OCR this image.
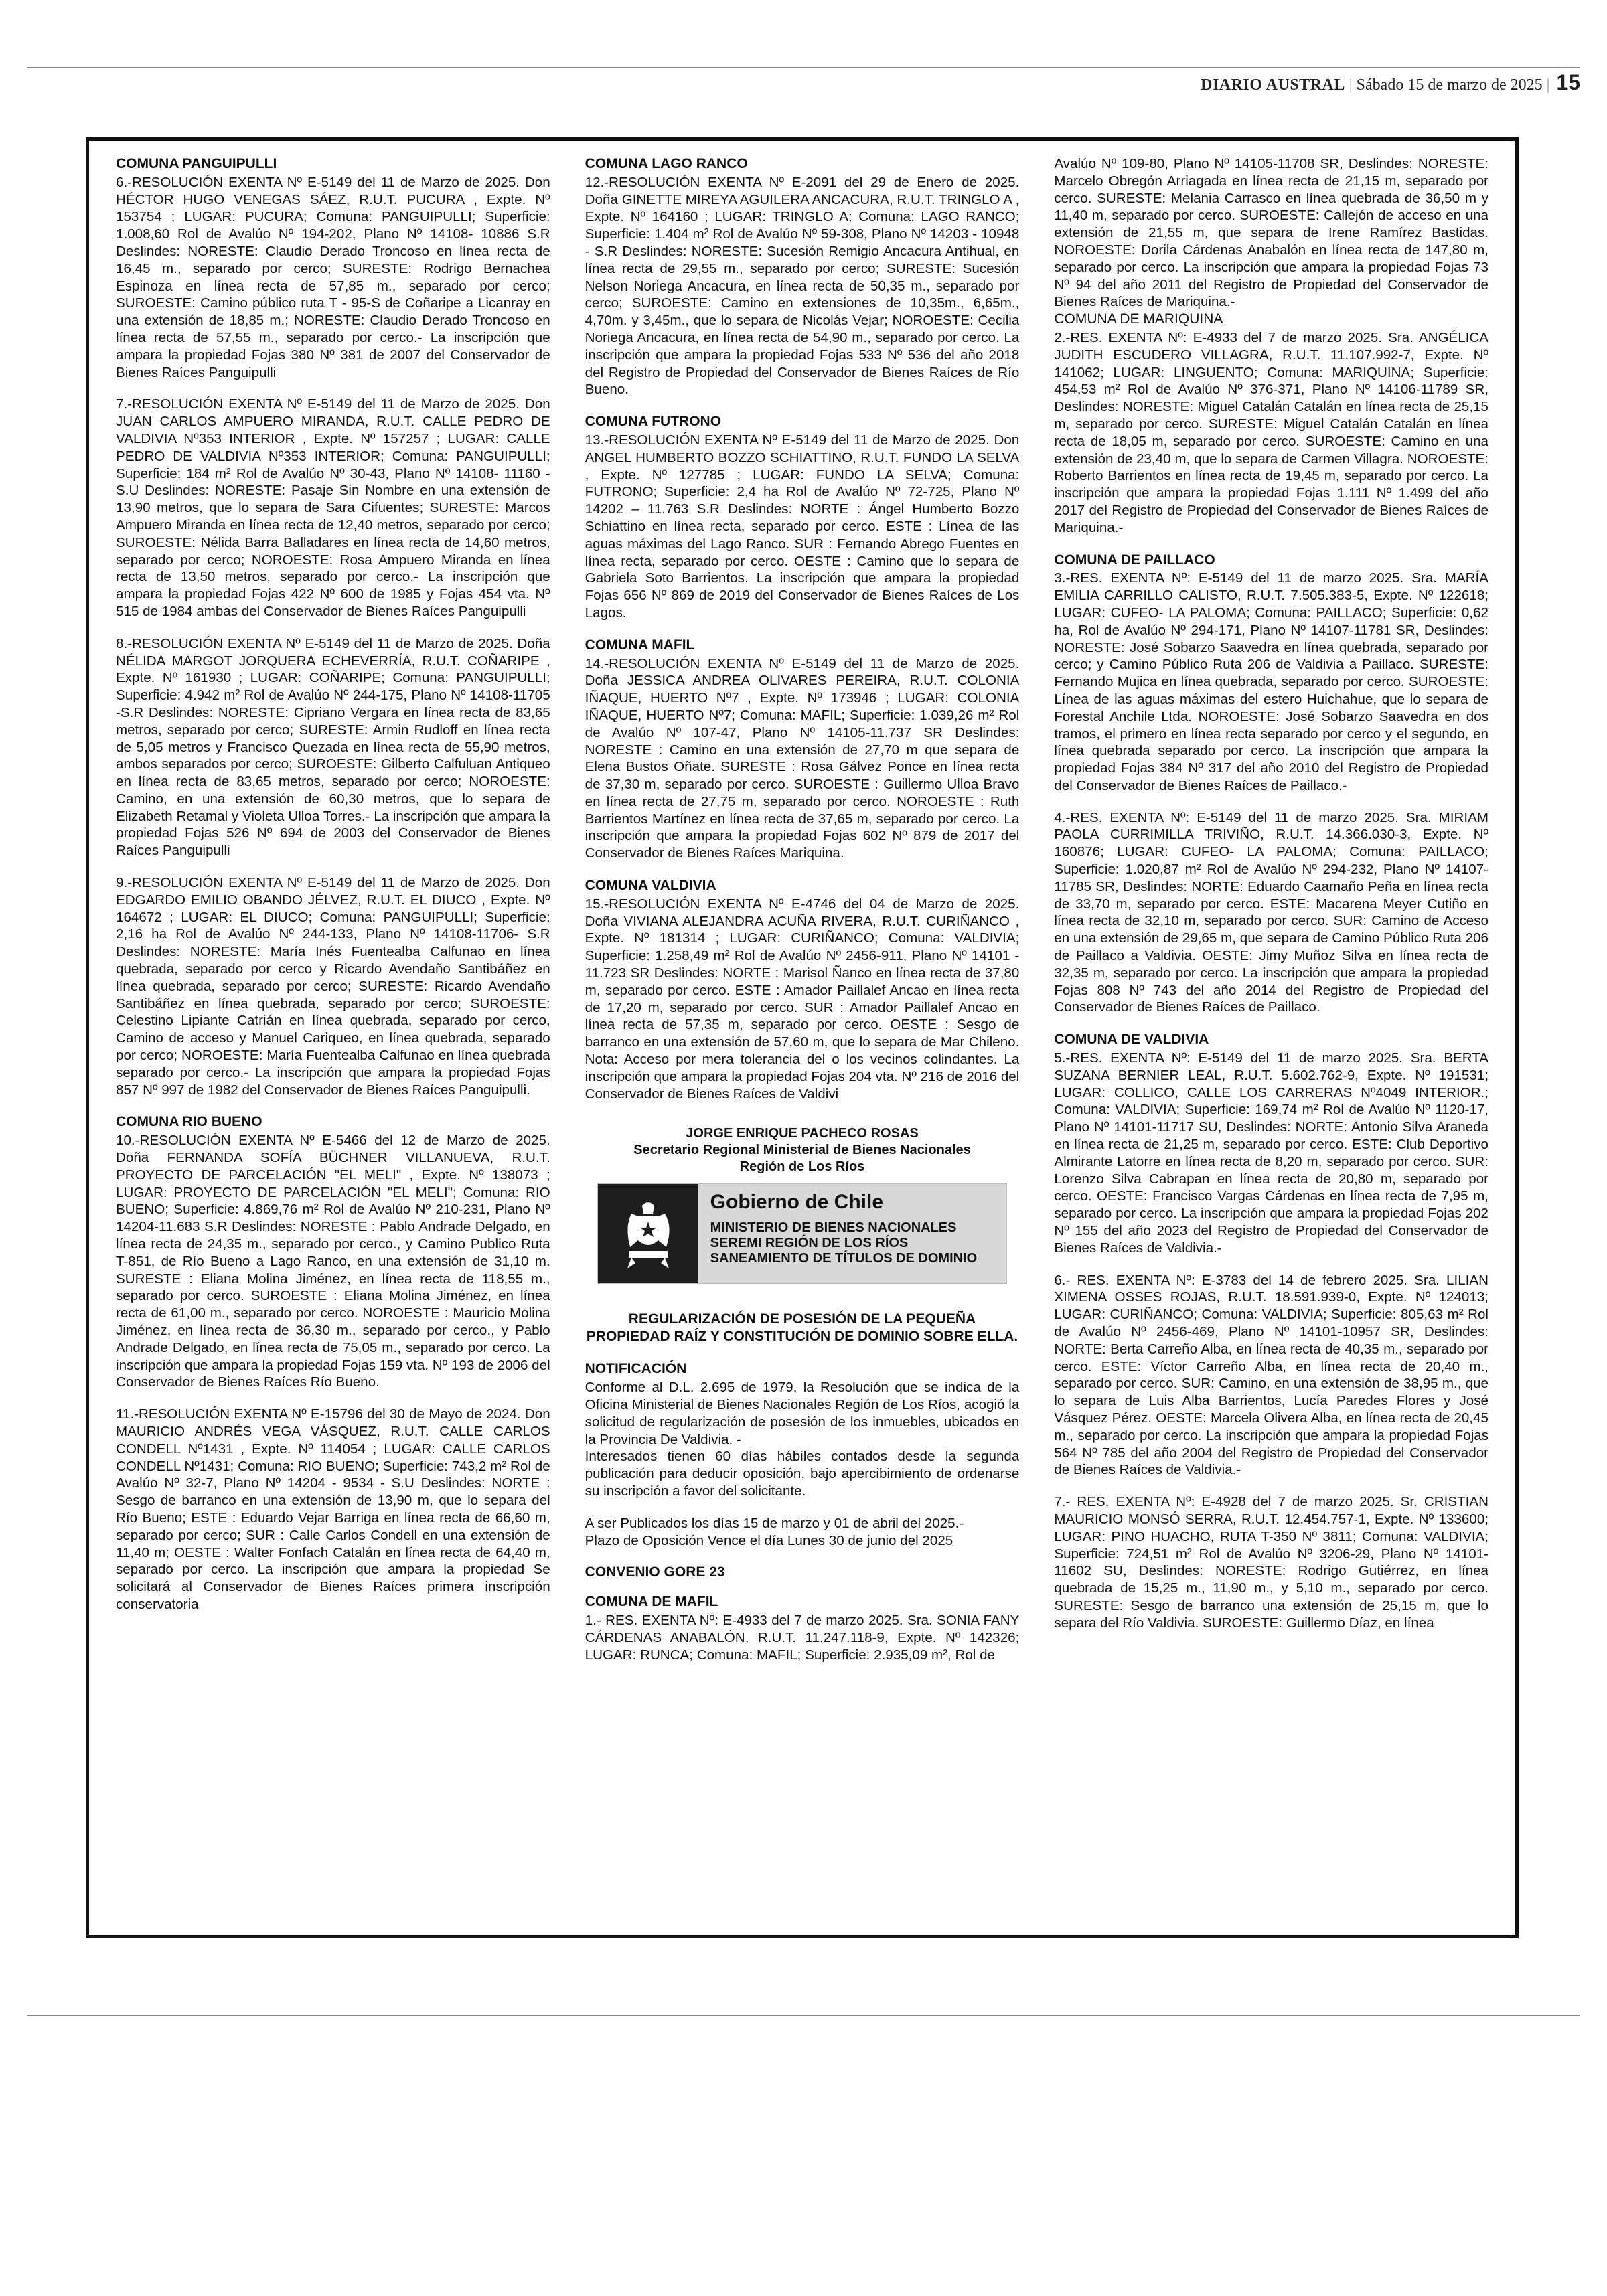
DIARIO AUSTRAL | Sábado 15 de marzo de 2025 | 15
COMUNA PANGUIPULLI

6.-RESOLUCIÓN EXENTA Nº E-5149 del 11 de Marzo de 2025. Don HÉCTOR HUGO VENEGAS SÁEZ, R.U.T. PUCURA , Expte. Nº 153754 ; LUGAR: PUCURA; Comuna: PANGUIPULLI; Superficie: 1.008,60 Rol de Avalúo Nº 194-202, Plano Nº 14108- 10886 S.R Deslindes: NORESTE: Claudio Derado Troncoso en línea recta de 16,45 m., separado por cerco; SURESTE: Rodrigo Bernachea Espinoza en línea recta de 57,85 m., separado por cerco; SUROESTE: Camino público ruta T - 95-S de Coñaripe a Licanray en una extensión de 18,85 m.; NORESTE: Claudio Derado Troncoso en línea recta de 57,55 m., separado por cerco.- La inscripción que ampara la propiedad Fojas 380 Nº 381 de 2007 del Conservador de Bienes Raíces Panguipulli

7.-RESOLUCIÓN EXENTA Nº E-5149 del 11 de Marzo de 2025. Don JUAN CARLOS AMPUERO MIRANDA, R.U.T. CALLE PEDRO DE VALDIVIA Nº353 INTERIOR , Expte. Nº 157257 ; LUGAR: CALLE PEDRO DE VALDIVIA Nº353 INTERIOR; Comuna: PANGUIPULLI; Superficie: 184 m² Rol de Avalúo Nº 30-43, Plano Nº 14108- 11160 -S.U Deslindes: NORESTE: Pasaje Sin Nombre en una extensión de 13,90 metros, que lo separa de Sara Cifuentes; SURESTE: Marcos Ampuero Miranda en línea recta de 12,40 metros, separado por cerco; SUROESTE: Nélida Barra Balladares en línea recta de 14,60 metros, separado por cerco; NOROESTE: Rosa Ampuero Miranda en línea recta de 13,50 metros, separado por cerco.- La inscripción que ampara la propiedad Fojas 422 Nº 600 de 1985 y Fojas 454 vta. Nº 515 de 1984 ambas del Conservador de Bienes Raíces Panguipulli

8.-RESOLUCIÓN EXENTA Nº E-5149 del 11 de Marzo de 2025. Doña NÉLIDA MARGOT JORQUERA ECHEVERRÍA, R.U.T. COÑARIPE , Expte. Nº 161930 ; LUGAR: COÑARIPE; Comuna: PANGUIPULLI; Superficie: 4.942 m² Rol de Avalúo Nº 244-175, Plano Nº 14108-11705 -S.R Deslindes: NORESTE: Cipriano Vergara en línea recta de 83,65 metros, separado por cerco; SURESTE: Armin Rudloff en línea recta de 5,05 metros y Francisco Quezada en línea recta de 55,90 metros, ambos separados por cerco; SUROESTE: Gilberto Calfuluan Antiqueo en línea recta de 83,65 metros, separado por cerco; NOROESTE: Camino, en una extensión de 60,30 metros, que lo separa de Elizabeth Retamal y Violeta Ulloa Torres.- La inscripción que ampara la propiedad Fojas 526 Nº 694 de 2003 del Conservador de Bienes Raíces Panguipulli

9.-RESOLUCIÓN EXENTA Nº E-5149 del 11 de Marzo de 2025. Don EDGARDO EMILIO OBANDO JÉLVEZ, R.U.T. EL DIUCO , Expte. Nº 164672 ; LUGAR: EL DIUCO; Comuna: PANGUIPULLI; Superficie: 2,16 ha Rol de Avalúo Nº 244-133, Plano Nº 14108-11706- S.R Deslindes: NORESTE: María Inés Fuentealba Calfunao en línea quebrada, separado por cerco y Ricardo Avendaño Santibáñez en línea quebrada, separado por cerco; SURESTE: Ricardo Avendaño Santibáñez en línea quebrada, separado por cerco; SUROESTE: Celestino Lipiante Catrián en línea quebrada, separado por cerco, Camino de acceso y Manuel Cariqueo, en línea quebrada, separado por cerco; NOROESTE: María Fuentealba Calfunao en línea quebrada separado por cerco.- La inscripción que ampara la propiedad Fojas 857 Nº 997 de 1982 del Conservador de Bienes Raíces Panguipulli.

COMUNA RIO BUENO

10.-RESOLUCIÓN EXENTA Nº E-5466 del 12 de Marzo de 2025. Doña FERNANDA SOFÍA BÜCHNER VILLANUEVA, R.U.T. PROYECTO DE PARCELACIÓN "EL MELI" , Expte. Nº 138073 ; LUGAR: PROYECTO DE PARCELACIÓN "EL MELI"; Comuna: RIO BUENO; Superficie: 4.869,76 m² Rol de Avalúo Nº 210-231, Plano Nº 14204-11.683 S.R Deslindes: NORESTE : Pablo Andrade Delgado, en línea recta de 24,35 m., separado por cerco., y Camino Publico Ruta T-851, de Río Bueno a Lago Ranco, en una extensión de 31,10 m. SURESTE : Eliana Molina Jiménez, en línea recta de 118,55 m., separado por cerco. SUROESTE : Eliana Molina Jiménez, en línea recta de 61,00 m., separado por cerco. NOROESTE : Mauricio Molina Jiménez, en línea recta de 36,30 m., separado por cerco., y Pablo Andrade Delgado, en línea recta de 75,05 m., separado por cerco. La inscripción que ampara la propiedad Fojas 159 vta. Nº 193 de 2006 del Conservador de Bienes Raíces Río Bueno.

11.-RESOLUCIÓN EXENTA Nº E-15796 del 30 de Mayo de 2024. Don MAURICIO ANDRÉS VEGA VÁSQUEZ, R.U.T. CALLE CARLOS CONDELL Nº1431 , Expte. Nº 114054 ; LUGAR: CALLE CARLOS CONDELL Nº1431; Comuna: RIO BUENO; Superficie: 743,2 m² Rol de Avalúo Nº 32-7, Plano Nº 14204 - 9534 - S.U Deslindes: NORTE : Sesgo de barranco en una extensión de 13,90 m, que lo separa del Río Bueno; ESTE : Eduardo Vejar Barriga en línea recta de 66,60 m, separado por cerco; SUR : Calle Carlos Condell en una extensión de 11,40 m; OESTE : Walter Fonfach Catalán en línea recta de 64,40 m, separado por cerco. La inscripción que ampara la propiedad Se solicitará al Conservador de Bienes Raíces primera inscripción conservatoria

COMUNA LAGO RANCO

12.-RESOLUCIÓN EXENTA Nº E-2091 del 29 de Enero de 2025. Doña GINETTE MIREYA AGUILERA ANCACURA, R.U.T. TRINGLO A , Expte. Nº 164160 ; LUGAR: TRINGLO A; Comuna: LAGO RANCO; Superficie: 1.404 m² Rol de Avalúo Nº 59-308, Plano Nº 14203 - 10948 - S.R Deslindes: NORESTE: Sucesión Remigio Ancacura Antihual, en línea recta de 29,55 m., separado por cerco; SURESTE: Sucesión Nelson Noriega Ancacura, en línea recta de 50,35 m., separado por cerco; SUROESTE: Camino en extensiones de 10,35m., 6,65m., 4,70m. y 3,45m., que lo separa de Nicolás Vejar; NOROESTE: Cecilia Noriega Ancacura, en línea recta de 54,90 m., separado por cerco. La inscripción que ampara la propiedad Fojas 533 Nº 536 del año 2018 del Registro de Propiedad del Conservador de Bienes Raíces de Río Bueno.

COMUNA FUTRONO

13.-RESOLUCIÓN EXENTA Nº E-5149 del 11 de Marzo de 2025. Don ANGEL HUMBERTO BOZZO SCHIATTINO, R.U.T. FUNDO LA SELVA , Expte. Nº 127785 ; LUGAR: FUNDO LA SELVA; Comuna: FUTRONO; Superficie: 2,4 ha Rol de Avalúo Nº 72-725, Plano Nº 14202 – 11.763 S.R Deslindes: NORTE : Ángel Humberto Bozzo Schiattino en línea recta, separado por cerco. ESTE : Línea de las aguas máximas del Lago Ranco. SUR : Fernando Abrego Fuentes en línea recta, separado por cerco. OESTE : Camino que lo separa de Gabriela Soto Barrientos. La inscripción que ampara la propiedad Fojas 656 Nº 869 de 2019 del Conservador de Bienes Raíces de Los Lagos.

COMUNA MAFIL

14.-RESOLUCIÓN EXENTA Nº E-5149 del 11 de Marzo de 2025. Doña JESSICA ANDREA OLIVARES PEREIRA, R.U.T. COLONIA IÑAQUE, HUERTO Nº7 , Expte. Nº 173946 ; LUGAR: COLONIA IÑAQUE, HUERTO Nº7; Comuna: MAFIL; Superficie: 1.039,26 m² Rol de Avalúo Nº 107-47, Plano Nº 14105-11.737 SR Deslindes: NORESTE : Camino en una extensión de 27,70 m que separa de Elena Bustos Oñate. SURESTE : Rosa Gálvez Ponce en línea recta de 37,30 m, separado por cerco. SUROESTE : Guillermo Ulloa Bravo en línea recta de 27,75 m, separado por cerco. NOROESTE : Ruth Barrientos Martínez en línea recta de 37,65 m, separado por cerco. La inscripción que ampara la propiedad Fojas 602 Nº 879 de 2017 del Conservador de Bienes Raíces Mariquina.

COMUNA VALDIVIA

15.-RESOLUCIÓN EXENTA Nº E-4746 del 04 de Marzo de 2025. Doña VIVIANA ALEJANDRA ACUÑA RIVERA, R.U.T. CURIÑANCO , Expte. Nº 181314 ; LUGAR: CURIÑANCO; Comuna: VALDIVIA; Superficie: 1.258,49 m² Rol de Avalúo Nº 2456-911, Plano Nº 14101 - 11.723 SR Deslindes: NORTE : Marisol Ñanco en línea recta de 37,80 m, separado por cerco. ESTE : Amador Paillalef Ancao en línea recta de 17,20 m, separado por cerco. SUR : Amador Paillalef Ancao en línea recta de 57,35 m, separado por cerco. OESTE : Sesgo de barranco en una extensión de 57,60 m, que lo separa de Mar Chileno. Nota: Acceso por mera tolerancia del o los vecinos colindantes. La inscripción que ampara la propiedad Fojas 204 vta. Nº 216 de 2016 del Conservador de Bienes Raíces de Valdivi

JORGE ENRIQUE PACHECO ROSAS
Secretario Regional Ministerial de Bienes Nacionales
Región de Los Ríos
Gobierno de Chile
MINISTERIO DE BIENES NACIONALES
SEREMI REGIÓN DE LOS RÍOS
SANEAMIENTO DE TÍTULOS DE DOMINIO
REGULARIZACIÓN DE POSESIÓN DE LA PEQUEÑA
PROPIEDAD RAÍZ Y CONSTITUCIÓN DE DOMINIO SOBRE ELLA.
NOTIFICACIÓN

Conforme al D.L. 2.695 de 1979, la Resolución que se indica de la Oficina Ministerial de Bienes Nacionales Región de Los Ríos, acogió la solicitud de regularización de posesión de los inmuebles, ubicados en la Provincia De Valdivia. -

Interesados tienen 60 días hábiles contados desde la segunda publicación para deducir oposición, bajo apercibimiento de ordenarse su inscripción a favor del solicitante.

A ser Publicados los días 15 de marzo y 01 de abril del 2025.-

Plazo de Oposición Vence el día Lunes 30 de junio del 2025

CONVENIO GORE 23
COMUNA DE MAFIL

1.- RES. EXENTA Nº: E-4933 del 7 de marzo 2025. Sra. SONIA FANY CÁRDENAS ANABALÓN, R.U.T. 11.247.118-9, Expte. Nº 142326; LUGAR: RUNCA; Comuna: MAFIL; Superficie: 2.935,09 m², Rol de

Avalúo Nº 109-80, Plano Nº 14105-11708 SR, Deslindes: NORESTE: Marcelo Obregón Arriagada en línea recta de 21,15 m, separado por cerco. SURESTE: Melania Carrasco en línea quebrada de 36,50 m y 11,40 m, separado por cerco. SUROESTE: Callejón de acceso en una extensión de 21,55 m, que separa de Irene Ramírez Bastidas. NOROESTE: Dorila Cárdenas Anabalón en línea recta de 147,80 m, separado por cerco. La inscripción que ampara la propiedad Fojas 73 Nº 94 del año 2011 del Registro de Propiedad del Conservador de Bienes Raíces de Mariquina.-

COMUNA DE MARIQUINA

2.-RES. EXENTA Nº: E-4933 del 7 de marzo 2025. Sra. ANGÉLICA JUDITH ESCUDERO VILLAGRA, R.U.T. 11.107.992-7, Expte. Nº 141062; LUGAR: LINGUENTO; Comuna: MARIQUINA; Superficie: 454,53 m² Rol de Avalúo Nº 376-371, Plano Nº 14106-11789 SR, Deslindes: NORESTE: Miguel Catalán Catalán en línea recta de 25,15 m, separado por cerco. SURESTE: Miguel Catalán Catalán en línea recta de 18,05 m, separado por cerco. SUROESTE: Camino en una extensión de 23,40 m, que lo separa de Carmen Villagra. NOROESTE: Roberto Barrientos en línea recta de 19,45 m, separado por cerco. La inscripción que ampara la propiedad Fojas 1.111 Nº 1.499 del año 2017 del Registro de Propiedad del Conservador de Bienes Raíces de Mariquina.-

COMUNA DE PAILLACO

3.-RES. EXENTA Nº: E-5149 del 11 de marzo 2025. Sra. MARÍA EMILIA CARRILLO CALISTO, R.U.T. 7.505.383-5, Expte. Nº 122618; LUGAR: CUFEO- LA PALOMA; Comuna: PAILLACO; Superficie: 0,62 ha, Rol de Avalúo Nº 294-171, Plano Nº 14107-11781 SR, Deslindes: NORESTE: José Sobarzo Saavedra en línea quebrada, separado por cerco; y Camino Público Ruta 206 de Valdivia a Paillaco. SURESTE: Fernando Mujica en línea quebrada, separado por cerco. SUROESTE: Línea de las aguas máximas del estero Huichahue, que lo separa de Forestal Anchile Ltda. NOROESTE: José Sobarzo Saavedra en dos tramos, el primero en línea recta separado por cerco y el segundo, en línea quebrada separado por cerco. La inscripción que ampara la propiedad Fojas 384 Nº 317 del año 2010 del Registro de Propiedad del Conservador de Bienes Raíces de Paillaco.-

4.-RES. EXENTA Nº: E-5149 del 11 de marzo 2025. Sra. MIRIAM PAOLA CURRIMILLA TRIVIÑO, R.U.T. 14.366.030-3, Expte. Nº 160876; LUGAR: CUFEO- LA PALOMA; Comuna: PAILLACO; Superficie: 1.020,87 m² Rol de Avalúo Nº 294-232, Plano Nº 14107-11785 SR, Deslindes: NORTE: Eduardo Caamaño Peña en línea recta de 33,70 m, separado por cerco. ESTE: Macarena Meyer Cutiño en línea recta de 32,10 m, separado por cerco. SUR: Camino de Acceso en una extensión de 29,65 m, que separa de Camino Público Ruta 206 de Paillaco a Valdivia. OESTE: Jimy Muñoz Silva en línea recta de 32,35 m, separado por cerco. La inscripción que ampara la propiedad Fojas 808 Nº 743 del año 2014 del Registro de Propiedad del Conservador de Bienes Raíces de Paillaco.

COMUNA DE VALDIVIA

5.-RES. EXENTA Nº: E-5149 del 11 de marzo 2025. Sra. BERTA SUZANA BERNIER LEAL, R.U.T. 5.602.762-9, Expte. Nº 191531; LUGAR: COLLICO, CALLE LOS CARRERAS Nº4049 INTERIOR.; Comuna: VALDIVIA; Superficie: 169,74 m² Rol de Avalúo Nº 1120-17, Plano Nº 14101-11717 SU, Deslindes: NORTE: Antonio Silva Araneda en línea recta de 21,25 m, separado por cerco. ESTE: Club Deportivo Almirante Latorre en línea recta de 8,20 m, separado por cerco. SUR: Lorenzo Silva Cabrapan en línea recta de 20,80 m, separado por cerco. OESTE: Francisco Vargas Cárdenas en línea recta de 7,95 m, separado por cerco. La inscripción que ampara la propiedad Fojas 202 Nº 155 del año 2023 del Registro de Propiedad del Conservador de Bienes Raíces de Valdivia.-

6.- RES. EXENTA Nº: E-3783 del 14 de febrero 2025. Sra. LILIAN XIMENA OSSES ROJAS, R.U.T. 18.591.939-0, Expte. Nº 124013; LUGAR: CURIÑANCO; Comuna: VALDIVIA; Superficie: 805,63 m² Rol de Avalúo Nº 2456-469, Plano Nº 14101-10957 SR, Deslindes: NORTE: Berta Carreño Alba, en línea recta de 40,35 m., separado por cerco. ESTE: Víctor Carreño Alba, en línea recta de 20,40 m., separado por cerco. SUR: Camino, en una extensión de 38,95 m., que lo separa de Luis Alba Barrientos, Lucía Paredes Flores y José Vásquez Pérez. OESTE: Marcela Olivera Alba, en línea recta de 20,45 m., separado por cerco. La inscripción que ampara la propiedad Fojas 564 Nº 785 del año 2004 del Registro de Propiedad del Conservador de Bienes Raíces de Valdivia.-

7.- RES. EXENTA Nº: E-4928 del 7 de marzo 2025. Sr. CRISTIAN MAURICIO MONSÓ SERRA, R.U.T. 12.454.757-1, Expte. Nº 133600; LUGAR: PINO HUACHO, RUTA T-350 Nº 3811; Comuna: VALDIVIA; Superficie: 724,51 m² Rol de Avalúo Nº 3206-29, Plano Nº 14101-11602 SU, Deslindes: NORESTE: Rodrigo Gutiérrez, en línea quebrada de 15,25 m., 11,90 m., y 5,10 m., separado por cerco. SURESTE: Sesgo de barranco una extensión de 25,15 m, que lo separa del Río Valdivia. SUROESTE: Guillermo Díaz, en línea
